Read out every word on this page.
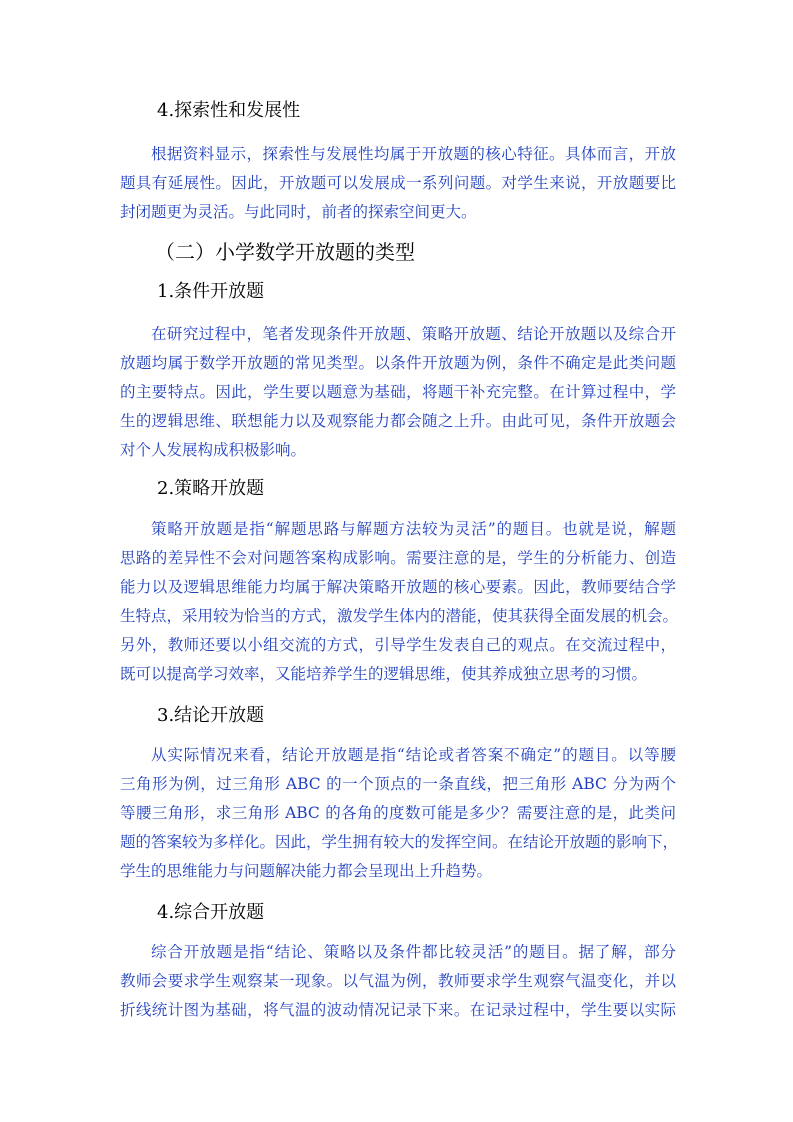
4.探索性和发展性
根据资料显示，探索性与发展性均属于开放题的核心特征。具体而言，开放
题具有延展性。因此，开放题可以发展成一系列问题。对学生来说，开放题要比
封闭题更为灵活。与此同时，前者的探索空间更大。
（二）小学数学开放题的类型
1.条件开放题
在研究过程中，笔者发现条件开放题、策略开放题、结论开放题以及综合开
放题均属于数学开放题的常见类型。以条件开放题为例，条件不确定是此类问题
的主要特点。因此，学生要以题意为基础，将题干补充完整。在计算过程中，学
生的逻辑思维、联想能力以及观察能力都会随之上升。由此可见，条件开放题会
对个人发展构成积极影响。
2.策略开放题
策略开放题是指“解题思路与解题方法较为灵活”的题目。也就是说，解题
思路的差异性不会对问题答案构成影响。需要注意的是，学生的分析能力、创造
能力以及逻辑思维能力均属于解决策略开放题的核心要素。因此，教师要结合学
生特点，采用较为恰当的方式，激发学生体内的潜能，使其获得全面发展的机会。
另外，教师还要以小组交流的方式，引导学生发表自己的观点。在交流过程中，
既可以提高学习效率，又能培养学生的逻辑思维，使其养成独立思考的习惯。
3.结论开放题
从实际情况来看，结论开放题是指“结论或者答案不确定”的题目。以等腰
三角形为例，过三角形 ABC 的一个顶点的一条直线，把三角形 ABC 分为两个
等腰三角形，求三角形 ABC 的各角的度数可能是多少？需要注意的是，此类问
题的答案较为多样化。因此，学生拥有较大的发挥空间。在结论开放题的影响下，
学生的思维能力与问题解决能力都会呈现出上升趋势。
4.综合开放题
综合开放题是指“结论、策略以及条件都比较灵活”的题目。据了解，部分
教师会要求学生观察某一现象。以气温为例，教师要求学生观察气温变化，并以
折线统计图为基础，将气温的波动情况记录下来。在记录过程中，学生要以实际
